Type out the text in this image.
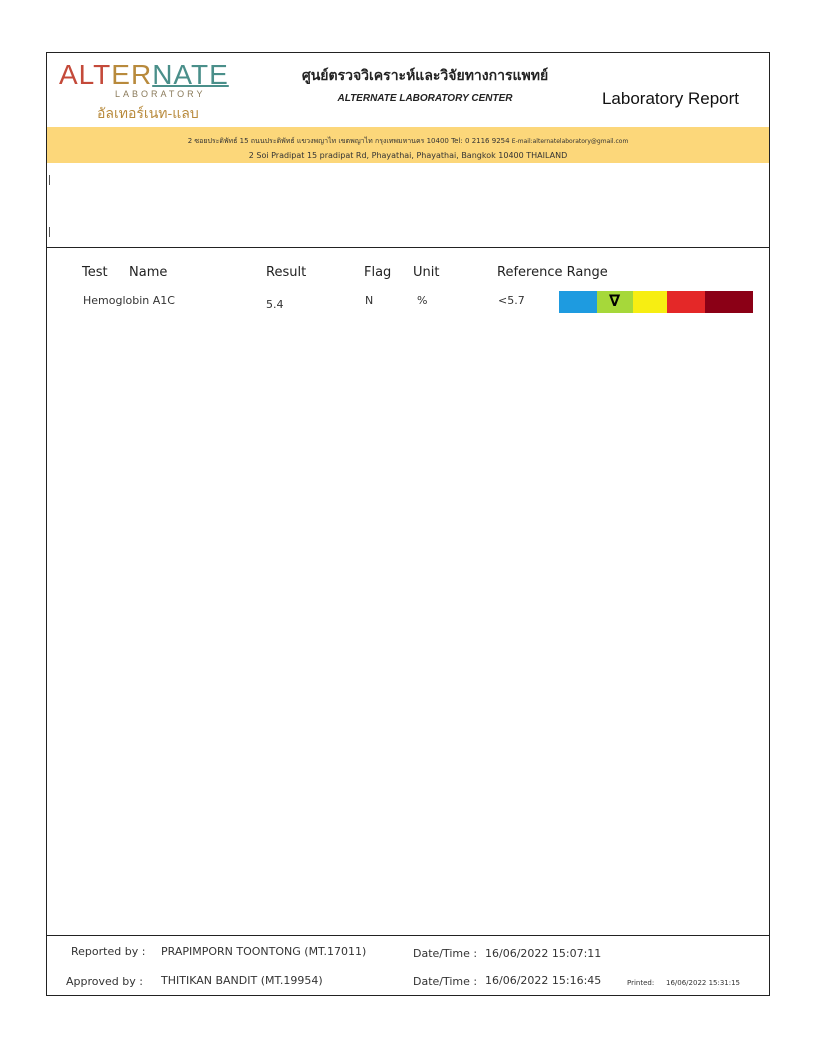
ALTERNATE
LABORATORY
อัลเทอร์เนท-แลบ
ศูนย์ตรวจวิเคราะห์และวิจัยทางการแพทย์
ALTERNATE LABORATORY CENTER	Laboratory Report
2 ซอยประดิพัทธ์ 15 ถนนประดิพัทธ์ แขวงพญาไท เขตพญาไท กรุงเทพมหานคร 10400 Tel: 0 2116 9254 E-mail:alternatelaboratory@gmail.com
2 Soi Pradipat 15 pradipat Rd, Phayathai, Phayathai, Bangkok 10400 THAILAND
Test Name	Result	Flag Unit	Reference Range
Hemoglobin A1C	5.4	N	%	<5.7	∇
Reported by : PRAPIMPORN TOONTONG (MT.17011)	Date/Time : 16/06/2022 15:07:11
Approved by : THITIKAN BANDIT (MT.19954)	Date/Time : 16/06/2022 15:16:45	Printed: 16/06/2022 15:31:15
